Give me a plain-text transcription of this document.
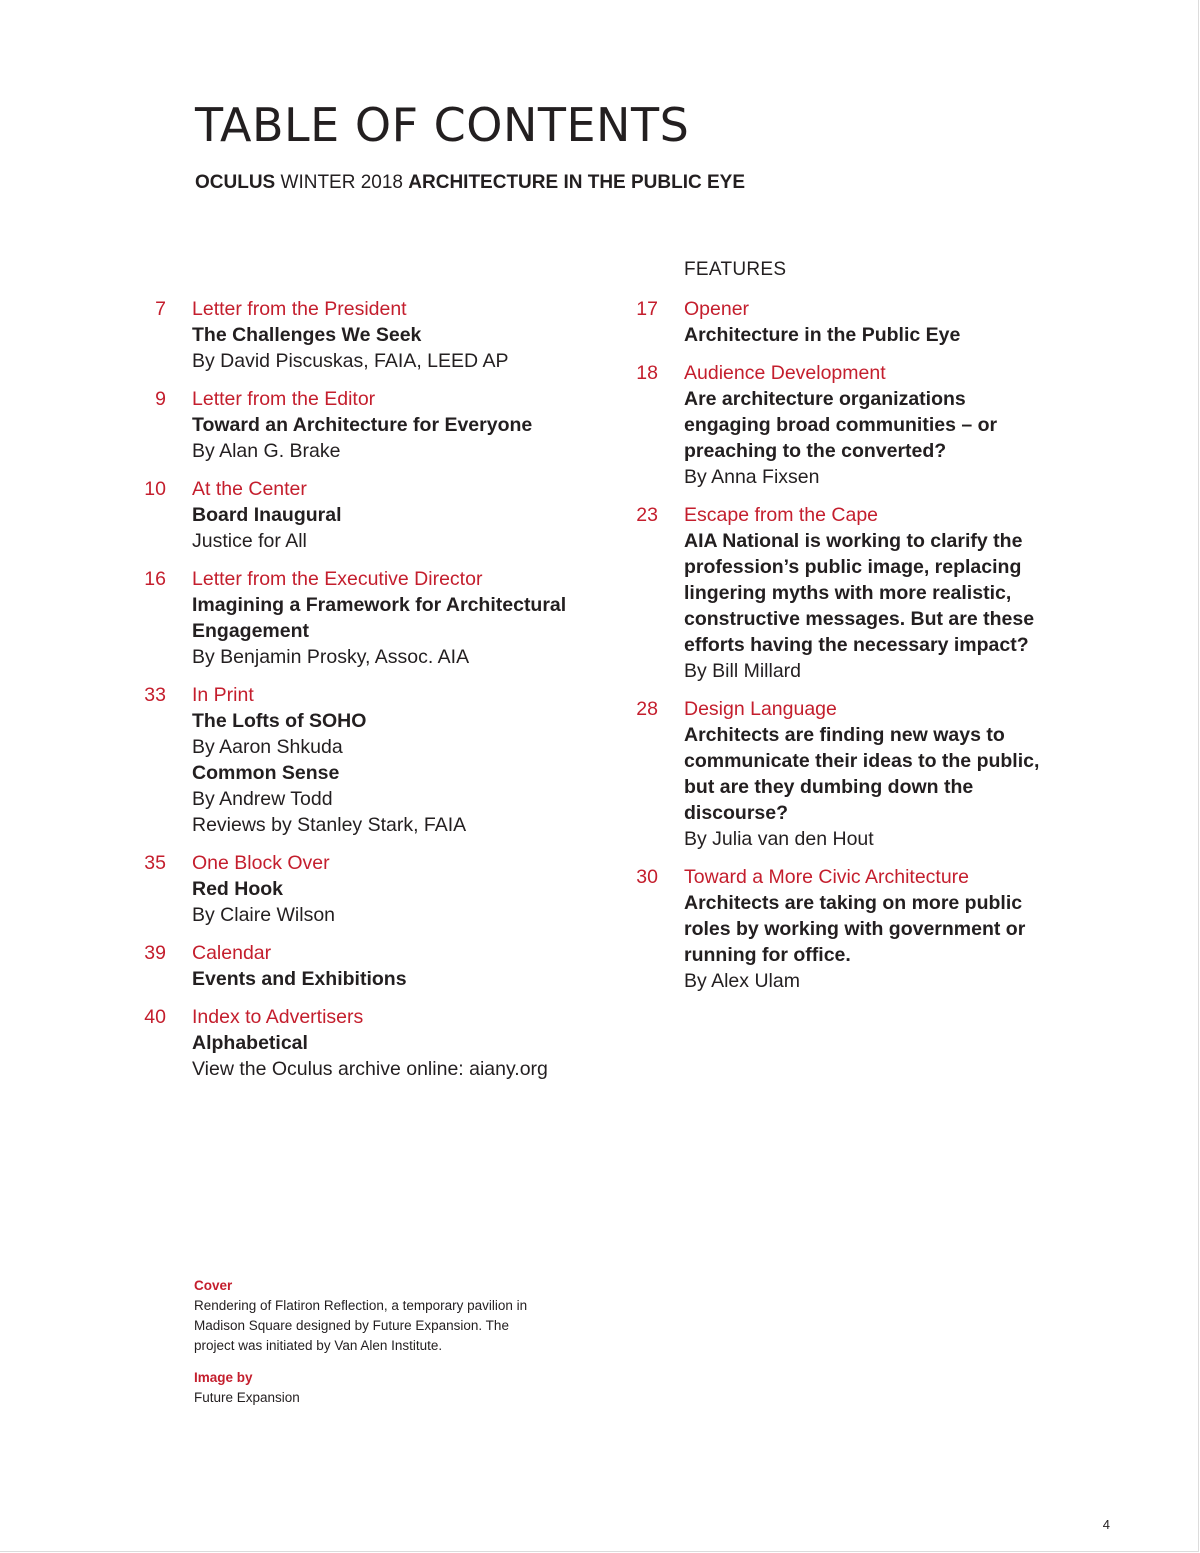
TABLE OF CONTENTS
OCULUS WINTER 2018 ARCHITECTURE IN THE PUBLIC EYE
FEATURES
7 Letter from the President
The Challenges We Seek
By David Piscuskas, FAIA, LEED AP
9 Letter from the Editor
Toward an Architecture for Everyone
By Alan G. Brake
10 At the Center
Board Inaugural
Justice for All
16 Letter from the Executive Director
Imagining a Framework for Architectural Engagement
By Benjamin Prosky, Assoc. AIA
33 In Print
The Lofts of SOHO
By Aaron Shkuda
Common Sense
By Andrew Todd
Reviews by Stanley Stark, FAIA
35 One Block Over
Red Hook
By Claire Wilson
39 Calendar
Events and Exhibitions
40 Index to Advertisers
Alphabetical
View the Oculus archive online: aiany.org
17 Opener
Architecture in the Public Eye
18 Audience Development
Are architecture organizations engaging broad communities – or preaching to the converted?
By Anna Fixsen
23 Escape from the Cape
AIA National is working to clarify the profession’s public image, replacing lingering myths with more realistic, constructive messages. But are these efforts having the necessary impact?
By Bill Millard
28 Design Language
Architects are finding new ways to communicate their ideas to the public, but are they dumbing down the discourse?
By Julia van den Hout
30 Toward a More Civic Architecture
Architects are taking on more public roles by working with government or running for office.
By Alex Ulam
Cover
Rendering of Flatiron Reflection, a temporary pavilion in Madison Square designed by Future Expansion. The project was initiated by Van Alen Institute.
Image by
Future Expansion
4
